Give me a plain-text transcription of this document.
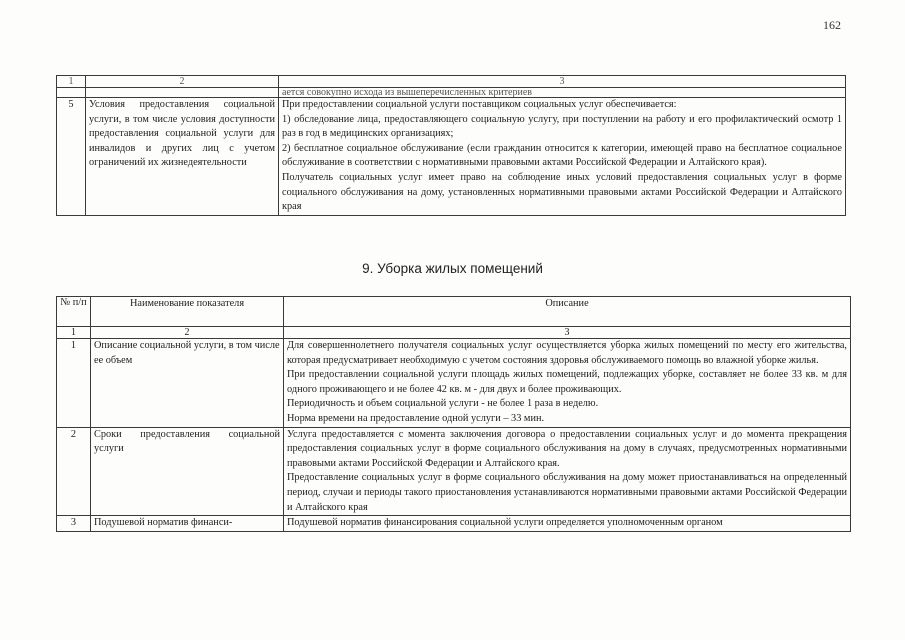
162
1	2	3
		ается совокупно исхода из вышеперечисленных критериев
5	Условия предоставления социальной услуги, в том числе условия доступности предоставления социальной услуги для инвалидов и других лиц с учетом ограничений их жизнедеятельности	При предоставлении социальной услуги поставщиком социальных услуг обеспечивается:

1) обследование лица, предоставляющего социальную услугу, при поступлении на работу и его профилактический осмотр 1 раз в год в медицинских организациях;

2) бесплатное социальное обслуживание (если гражданин относится к категории, имеющей право на бесплатное социальное обслуживание в соответствии с нормативными правовыми актами Российской Федерации и Алтайского края).

Получатель социальных услуг имеет право на соблюдение иных условий предоставления социальных услуг в форме социального обслуживания на дому, установленных нормативными правовыми актами Российской Федерации и Алтайского края

9. Уборка жилых помещений
№ п/п	Наименование показателя	Описание
1	2	3
1	Описание социальной услуги, в том числе ее объем	Для совершеннолетнего получателя социальных услуг осуществляется уборка жилых помещений по месту его жительства, которая предусматривает необходимую с учетом состояния здоровья обслуживаемого помощь во влажной уборке жилья.

При предоставлении социальной услуги площадь жилых помещений, подлежащих уборке, составляет не более 33 кв. м для одного проживающего и не более 42 кв. м - для двух и более проживающих.

Периодичность и объем социальной услуги - не более 1 раза в неделю.

Норма времени на предоставление одной услуги – 33 мин.

2	Сроки предоставления социальной услуги	Услуга предоставляется с момента заключения договора о предоставлении социальных услуг и до момента прекращения предоставления социальных услуг в форме социального обслуживания на дому в случаях, предусмотренных нормативными правовыми актами Российской Федерации и Алтайского края.

Предоставление социальных услуг в форме социального обслуживания на дому может приостанавливаться на определенный период, случаи и периоды такого приостановления устанавливаются нормативными правовыми актами Российской Федерации и Алтайского края

3	Подушевой норматив финанси-	Подушевой норматив финансирования социальной услуги определяется уполномоченным органом
